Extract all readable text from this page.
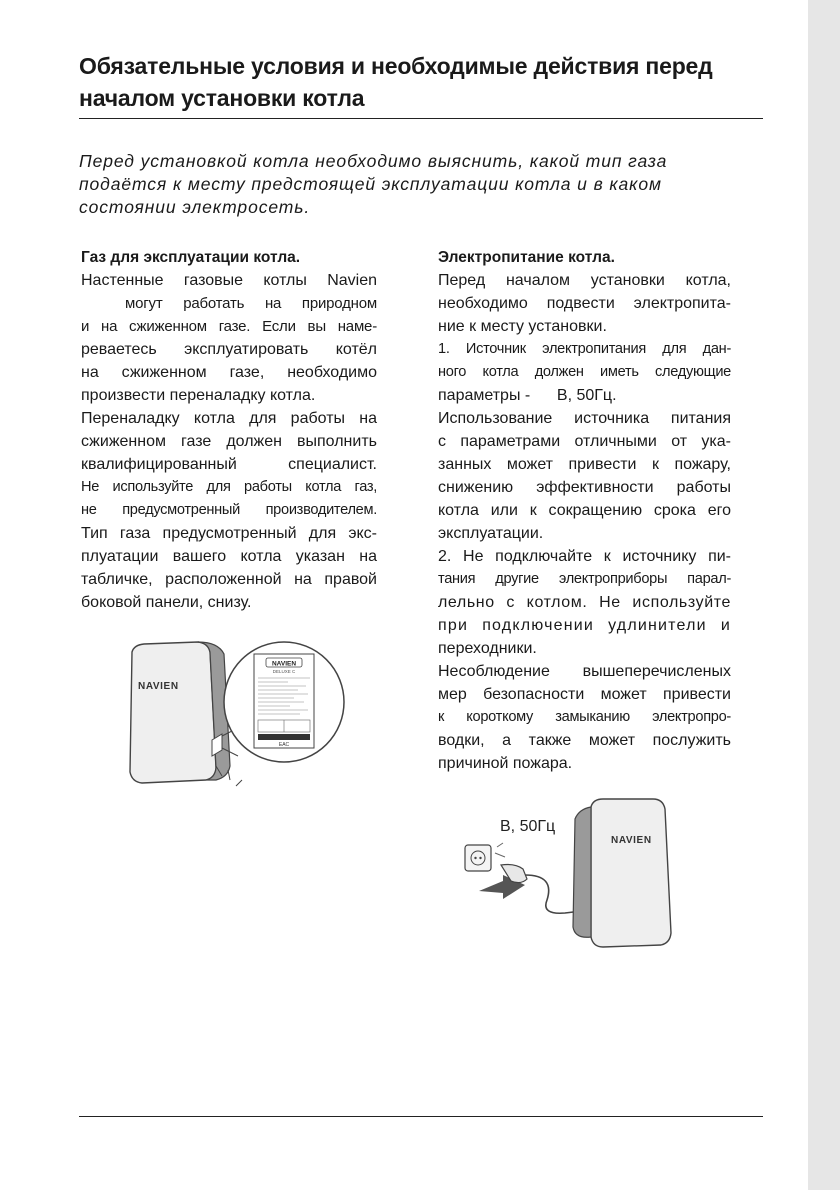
Обязательные условия и необходимые действия перед
началом установки котла
Перед установкой котла необходимо выяснить, какой тип газа
подаётся к месту предстоящей эксплуатации котла и в каком
состоянии электросеть.
Газ для эксплуатации котла.
Настенные газовые котлы Navien
могут работать на природном
и на сжиженном газе. Если вы наме-
реваетесь эксплуатировать котёл
на сжиженном газе, необходимо
произвести переналадку котла.
Переналадку котла для работы на
сжиженном газе должен выполнить
квалифицированный специалист.
Не используйте для работы котла газ,
не предусмотренный производителем.
Тип газа предусмотренный для экс-
плуатации вашего котла указан на
табличке, расположенной на правой
боковой панели, снизу.
Электропитание котла.
Перед началом установки котла,
необходимо подвести электропита-
ние к месту установки.
1. Источник электропитания для дан-
ного котла должен иметь следующие
параметры -      В, 50Гц.
Использование источника питания
с параметрами отличными от ука-
занных может привести к пожару,
снижению эффективности работы
котла или к сокращению срока его
эксплуатации.
2. Не подключайте к источнику пи-
тания другие электроприборы парал-
лельно с котлом. Не используйте
при подключении удлинители и
переходники.
Несоблюдение вышеперечисленых
мер безопасности может привести
к короткому замыканию электропро-
водки, а также может послужить
причиной пожара.
NAVIEN
NAVIEN
DELUXE C
EAC
В, 50Гц
NAVIEN
